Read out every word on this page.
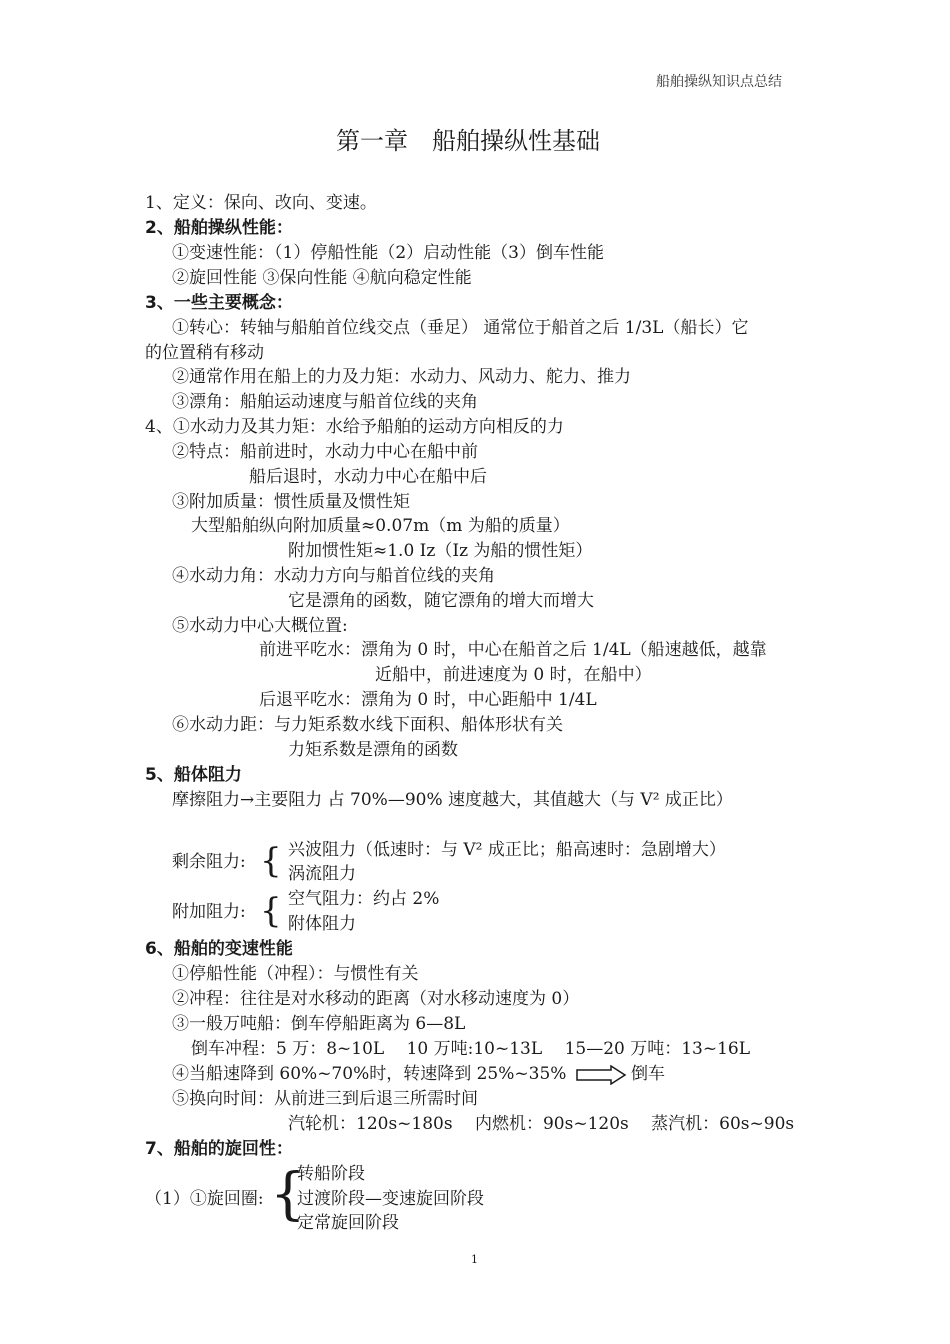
船舶操纵知识点总结
第一章　船舶操纵性基础
1、定义：保向、改向、变速。
2、船舶操纵性能：
①变速性能：（1）停船性能（2）启动性能（3）倒车性能
②旋回性能 ③保向性能 ④航向稳定性能
3、一些主要概念：
①转心：转轴与船舶首位线交点（垂足） 通常位于船首之后 1/3L（船长）它
的位置稍有移动
②通常作用在船上的力及力矩：水动力、风动力、舵力、推力
③漂角：船舶运动速度与船首位线的夹角
4、①水动力及其力矩：水给予船舶的运动方向相反的力
②特点：船前进时，水动力中心在船中前
船后退时，水动力中心在船中后
③附加质量：惯性质量及惯性矩
大型船舶纵向附加质量≈0.07m（m 为船的质量）
附加惯性矩≈1.0 Iz（Iz 为船的惯性矩）
④水动力角：水动力方向与船首位线的夹角
它是漂角的函数，随它漂角的增大而增大
⑤水动力中心大概位置:
前进平吃水：漂角为 0 时，中心在船首之后 1/4L（船速越低，越靠
近船中，前进速度为 0 时，在船中）
后退平吃水：漂角为 0 时，中心距船中 1/4L
⑥水动力距：与力矩系数水线下面积、船体形状有关
力矩系数是漂角的函数
5、船体阻力
摩擦阻力→主要阻力 占 70%—90% 速度越大，其值越大（与 V² 成正比）
剩余阻力: { 兴波阻力（低速时：与 V² 成正比；船高速时：急剧增大）
涡流阻力
附加阻力: { 空气阻力：约占 2%
附体阻力
6、船舶的变速性能
①停船性能（冲程）：与惯性有关
②冲程：往往是对水移动的距离（对水移动速度为 0）
③一般万吨船：倒车停船距离为 6—8L
倒车冲程：5 万：8~10L　 10 万吨:10~13L　 15—20 万吨：13~16L
④当船速降到 60%~70%时，转速降到 25%~35%	倒车
⑤换向时间：从前进三到后退三所需时间
汽轮机：120s~180s　 内燃机：90s~120s　 蒸汽机：60s~90s
7、船舶的旋回性：
转船阶段
（1）①旋回圈: {
过渡阶段—变速旋回阶段
定常旋回阶段
1
